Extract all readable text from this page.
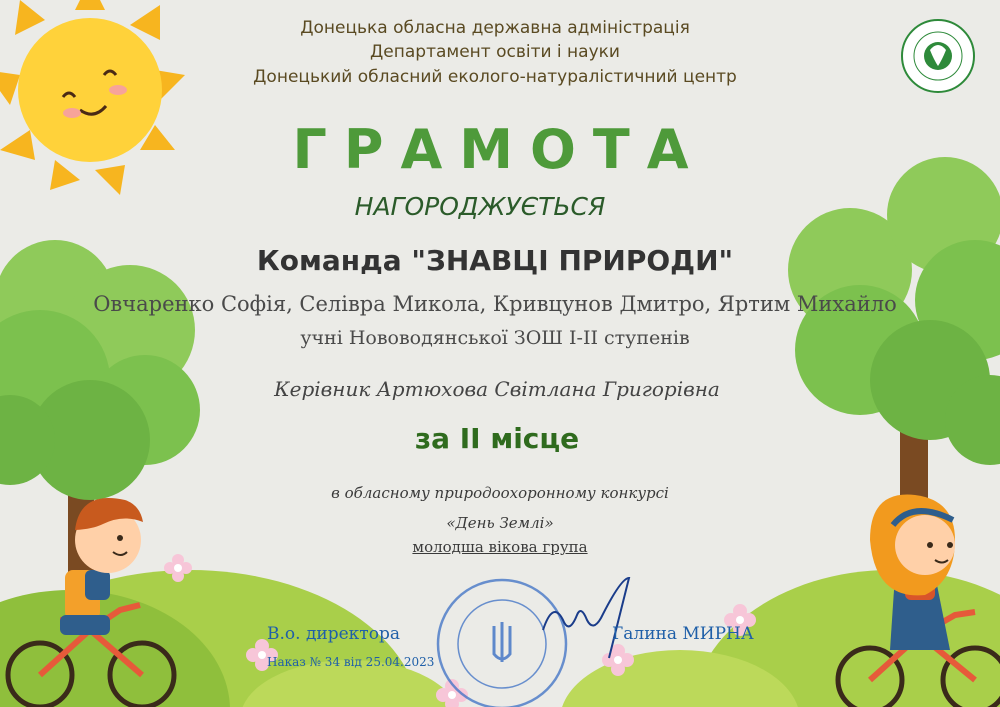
Донецька обласна державна адміністрація
Департамент освіти і науки
Донецький обласний еколого-натуралістичний центр
ГРАМОТА
НАГОРОДЖУЄТЬСЯ
Команда "ЗНАВЦІ ПРИРОДИ"
Овчаренко Софія, Селівра Микола, Кривцунов Дмитро, Яртим Михайло
учні Нововодянської ЗОШ І-ІІ ступенів
Керівник Артюхова Світлана Григорівна
за ІІ місце
в обласному природоохоронному конкурсі
«День Землі»
молодша вікова група
В.о. директора
Наказ № 34 від 25.04.2023
Галина МИРНА
